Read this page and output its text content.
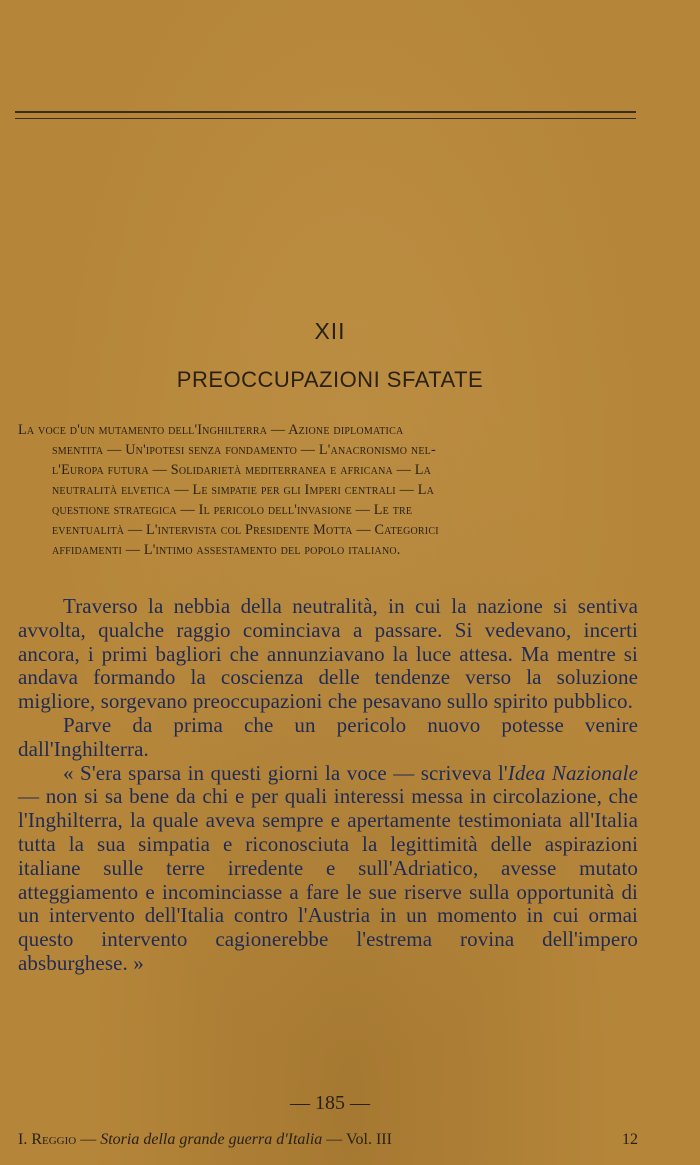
XII
PREOCCUPAZIONI SFATATE
La voce d'un mutamento dell'Inghilterra — Azione diplomatica
smentita — Un'ipotesi senza fondamento — L'anacronismo nel-
l'Europa futura — Solidarietà mediterranea e africana — La
neutralità elvetica — Le simpatie per gli Imperi centrali — La
questione strategica — Il pericolo dell'invasione — Le tre
eventualità — L'intervista col Presidente Motta — Categorici
affidamenti — L'intimo assestamento del popolo italiano.

Traverso la nebbia della neutralità, in cui la nazione si sentiva avvolta, qualche raggio cominciava a passare. Si vedevano, incerti ancora, i primi bagliori che annunziavano la luce attesa. Ma mentre si andava formando la coscienza delle tendenze verso la soluzione migliore, sorgevano preoccupazioni che pesavano sullo spirito pubblico.

Parve da prima che un pericolo nuovo potesse venire dall'Inghilterra.

« S'era sparsa in questi giorni la voce — scriveva l'Idea Nazionale — non si sa bene da chi e per quali interessi messa in circolazione, che l'Inghilterra, la quale aveva sempre e apertamente testimoniata all'Italia tutta la sua simpatia e riconosciuta la legittimità delle aspirazioni italiane sulle terre irredente e sull'Adriatico, avesse mutato atteggiamento e incominciasse a fare le sue riserve sulla opportunità di un intervento dell'Italia contro l'Austria in un momento in cui ormai questo intervento cagionerebbe l'estrema rovina dell'impero absburghese. »

— 185 —
I. Reggio — Storia della grande guerra d'Italia — Vol. III	12
